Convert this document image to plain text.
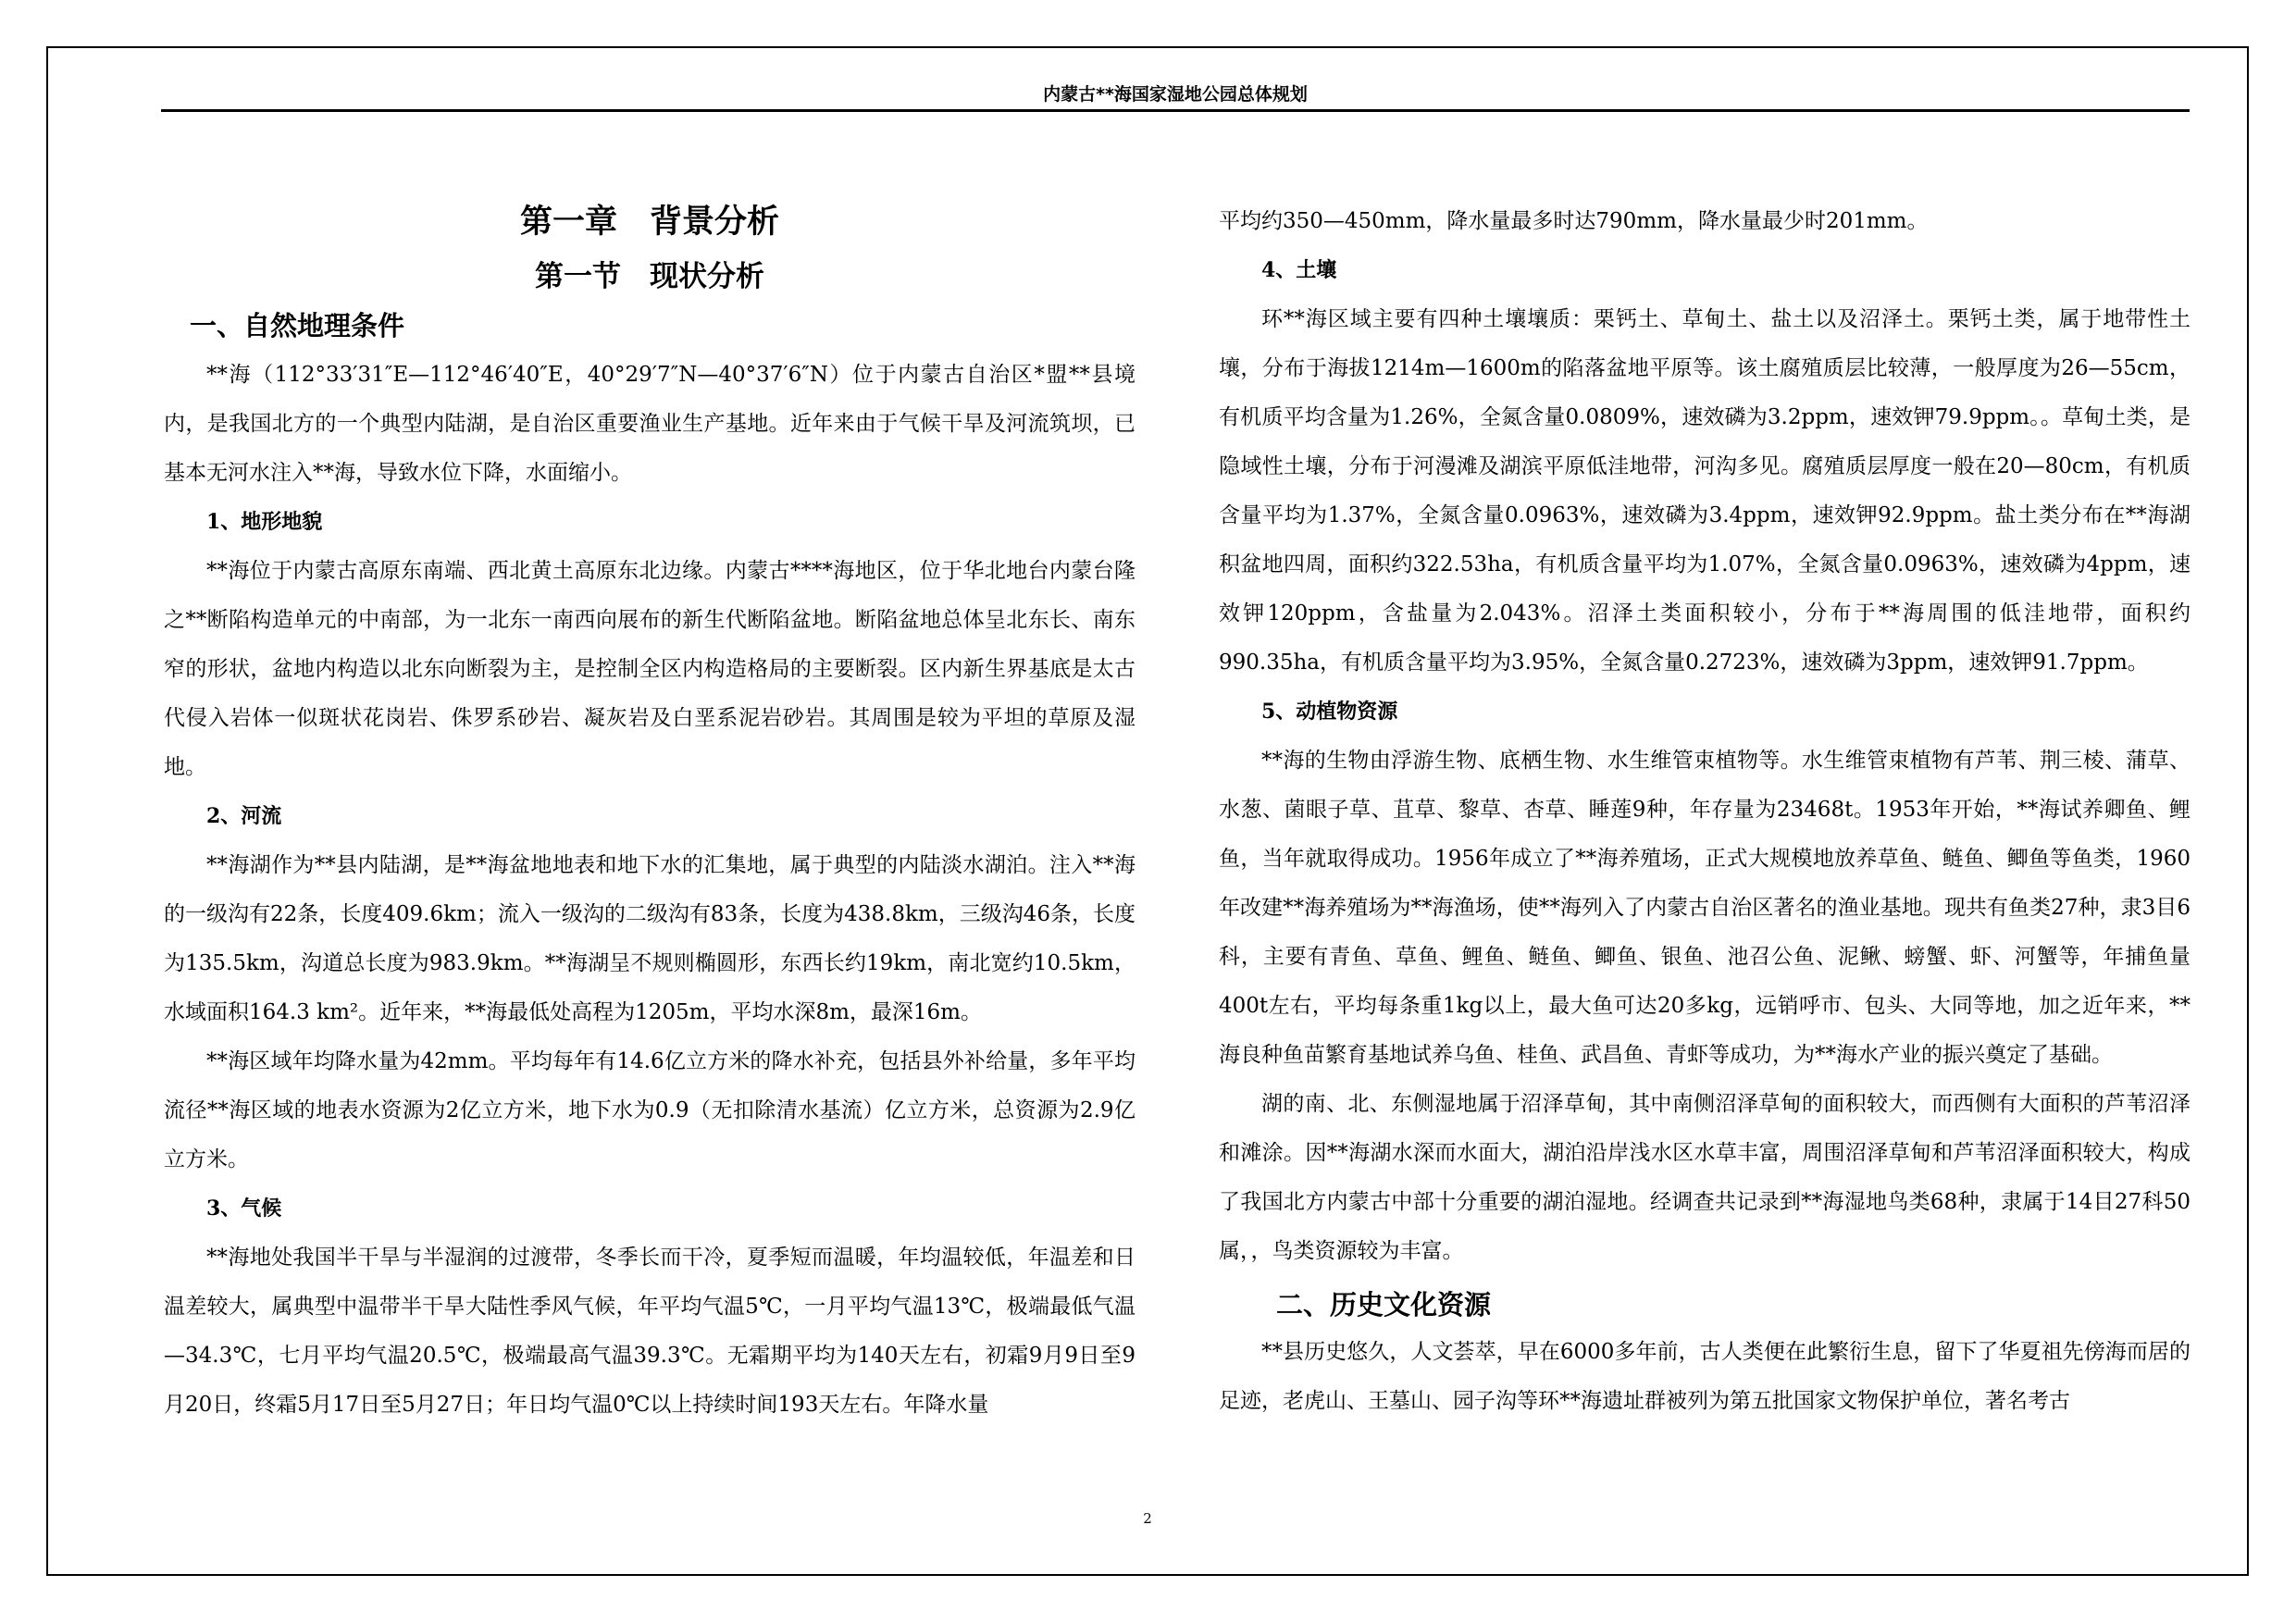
内蒙古**海国家湿地公园总体规划
第一章　背景分析
第一节　现状分析
一、自然地理条件

**海（112°33′31″E—112°46′40″E，40°29′7″N—40°37′6″N）位于内蒙古自治区*盟**县境内，是我国北方的一个典型内陆湖，是自治区重要渔业生产基地。近年来由于气候干旱及河流筑坝，已基本无河水注入**海，导致水位下降，水面缩小。

1、地形地貌

**海位于内蒙古高原东南端、西北黄土高原东北边缘。内蒙古****海地区，位于华北地台内蒙台隆之**断陷构造单元的中南部，为一北东一南西向展布的新生代断陷盆地。断陷盆地总体呈北东长、南东窄的形状，盆地内构造以北东向断裂为主，是控制全区内构造格局的主要断裂。区内新生界基底是太古代侵入岩体一似斑状花岗岩、侏罗系砂岩、凝灰岩及白垩系泥岩砂岩。其周围是较为平坦的草原及湿地。

2、河流

**海湖作为**县内陆湖，是**海盆地地表和地下水的汇集地，属于典型的内陆淡水湖泊。注入**海的一级沟有22条，长度409.6km；流入一级沟的二级沟有83条，长度为438.8km，三级沟46条，长度为135.5km，沟道总长度为983.9km。**海湖呈不规则椭圆形，东西长约19km，南北宽约10.5km，水域面积164.3 km²。近年来，**海最低处高程为1205m，平均水深8m，最深16m。

**海区域年均降水量为42mm。平均每年有14.6亿立方米的降水补充，包括县外补给量，多年平均流径**海区域的地表水资源为2亿立方米，地下水为0.9（无扣除清水基流）亿立方米，总资源为2.9亿立方米。

3、气候

**海地处我国半干旱与半湿润的过渡带，冬季长而干冷，夏季短而温暖，年均温较低，年温差和日温差较大，属典型中温带半干旱大陆性季风气候，年平均气温5℃，一月平均气温13℃，极端最低气温—34.3℃，七月平均气温20.5℃，极端最高气温39.3℃。无霜期平均为140天左右，初霜9月9日至9月20日，终霜5月17日至5月27日；年日均气温0℃以上持续时间193天左右。年降水量

平均约350—450mm，降水量最多时达790mm，降水量最少时201mm。

4、土壤

环**海区域主要有四种土壤壤质：栗钙土、草甸土、盐土以及沼泽土。栗钙土类，属于地带性土壤，分布于海拔1214m—1600m的陷落盆地平原等。该土腐殖质层比较薄，一般厚度为26—55cm，有机质平均含量为1.26%，全氮含量0.0809%，速效磷为3.2ppm，速效钾79.9ppm。。草甸土类，是隐域性土壤，分布于河漫滩及湖滨平原低洼地带，河沟多见。腐殖质层厚度一般在20—80cm，有机质含量平均为1.37%，全氮含量0.0963%，速效磷为3.4ppm，速效钾92.9ppm。盐土类分布在**海湖积盆地四周，面积约322.53ha，有机质含量平均为1.07%，全氮含量0.0963%，速效磷为4ppm，速效钾120ppm，含盐量为2.043%。沼泽土类面积较小，分布于**海周围的低洼地带，面积约990.35ha，有机质含量平均为3.95%，全氮含量0.2723%，速效磷为3ppm，速效钾91.7ppm。

5、动植物资源

**海的生物由浮游生物、底栖生物、水生维管束植物等。水生维管束植物有芦苇、荆三棱、蒲草、水葱、菌眼子草、苴草、黎草、杏草、睡莲9种，年存量为23468t。1953年开始，**海试养卿鱼、鲤鱼，当年就取得成功。1956年成立了**海养殖场，正式大规模地放养草鱼、鲢鱼、鲫鱼等鱼类，1960年改建**海养殖场为**海渔场，使**海列入了内蒙古自治区著名的渔业基地。现共有鱼类27种，隶3目6科，主要有青鱼、草鱼、鲤鱼、鲢鱼、鲫鱼、银鱼、池召公鱼、泥鳅、螃蟹、虾、河蟹等，年捕鱼量400t左右，平均每条重1kg以上，最大鱼可达20多kg，远销呼市、包头、大同等地，加之近年来，**海良种鱼苗繁育基地试养乌鱼、桂鱼、武昌鱼、青虾等成功，为**海水产业的振兴奠定了基础。

湖的南、北、东侧湿地属于沼泽草甸，其中南侧沼泽草甸的面积较大，而西侧有大面积的芦苇沼泽和滩涂。因**海湖水深而水面大，湖泊沿岸浅水区水草丰富，周围沼泽草甸和芦苇沼泽面积较大，构成了我国北方内蒙古中部十分重要的湖泊湿地。经调查共记录到**海湿地鸟类68种，隶属于14目27科50属，，鸟类资源较为丰富。

二、历史文化资源

**县历史悠久，人文荟萃，早在6000多年前，古人类便在此繁衍生息，留下了华夏祖先傍海而居的足迹，老虎山、王墓山、园子沟等环**海遗址群被列为第五批国家文物保护单位，著名考古

2
